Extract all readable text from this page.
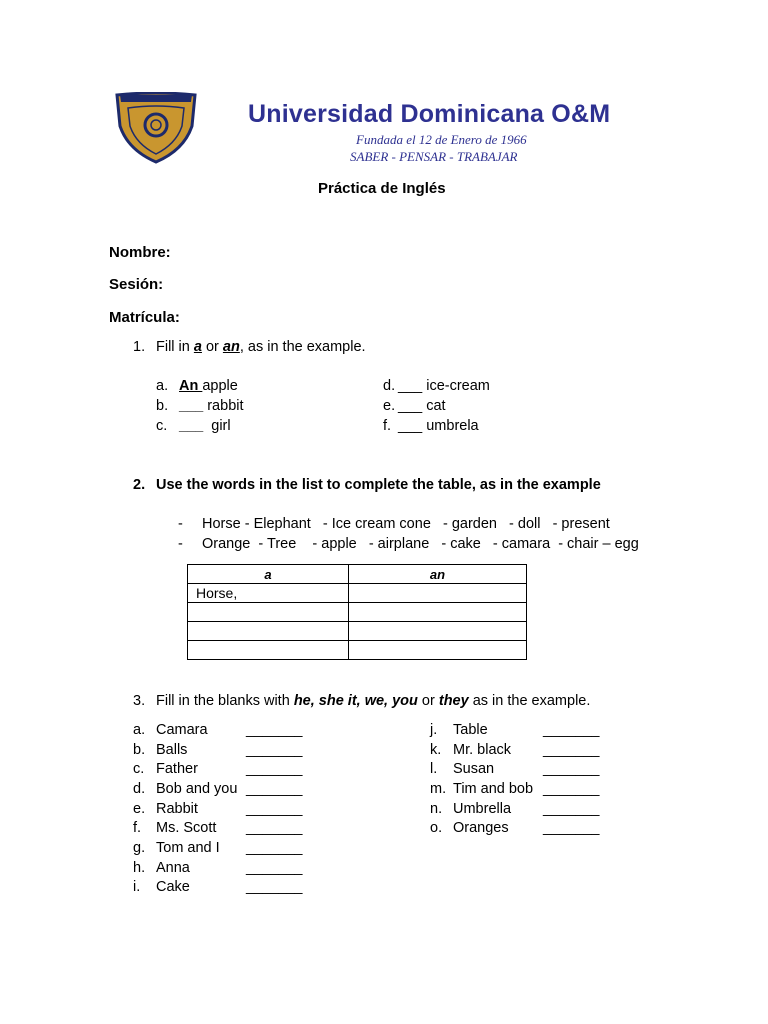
Universidad Dominicana O&M
Fundada el 12 de Enero de 1966
SABER - PENSAR - TRABAJAR
Práctica de Inglés
Nombre:
Sesión:
Matrícula:
1. Fill in a or an, as in the example.
a. An apple
b. ___ rabbit
c. ___  girl
d. ___ ice-cream
e. ___ cat
f. ___ umbrela
2. Use the words in the list to complete the table, as in the example
- Horse - Elephant   - Ice cream cone   - garden   - doll   - present
- Orange  - Tree    - apple   - airplane   - cake   - camara  - chair – egg
a	an
Horse,	

3. Fill in the blanks with he, she it, we, you or they as in the example.
a. Camara	_______
b. Balls	_______
c. Father	_______
d. Bob and you _______
e. Rabbit	_______
f. Ms. Scott _______
g. Tom and I _______
h. Anna	_______
i. Cake	_______
j. Table	_______
k. Mr. black _______
l. Susan	_______
m. Tim and bob _______
n. Umbrella _______
o. Oranges _______
